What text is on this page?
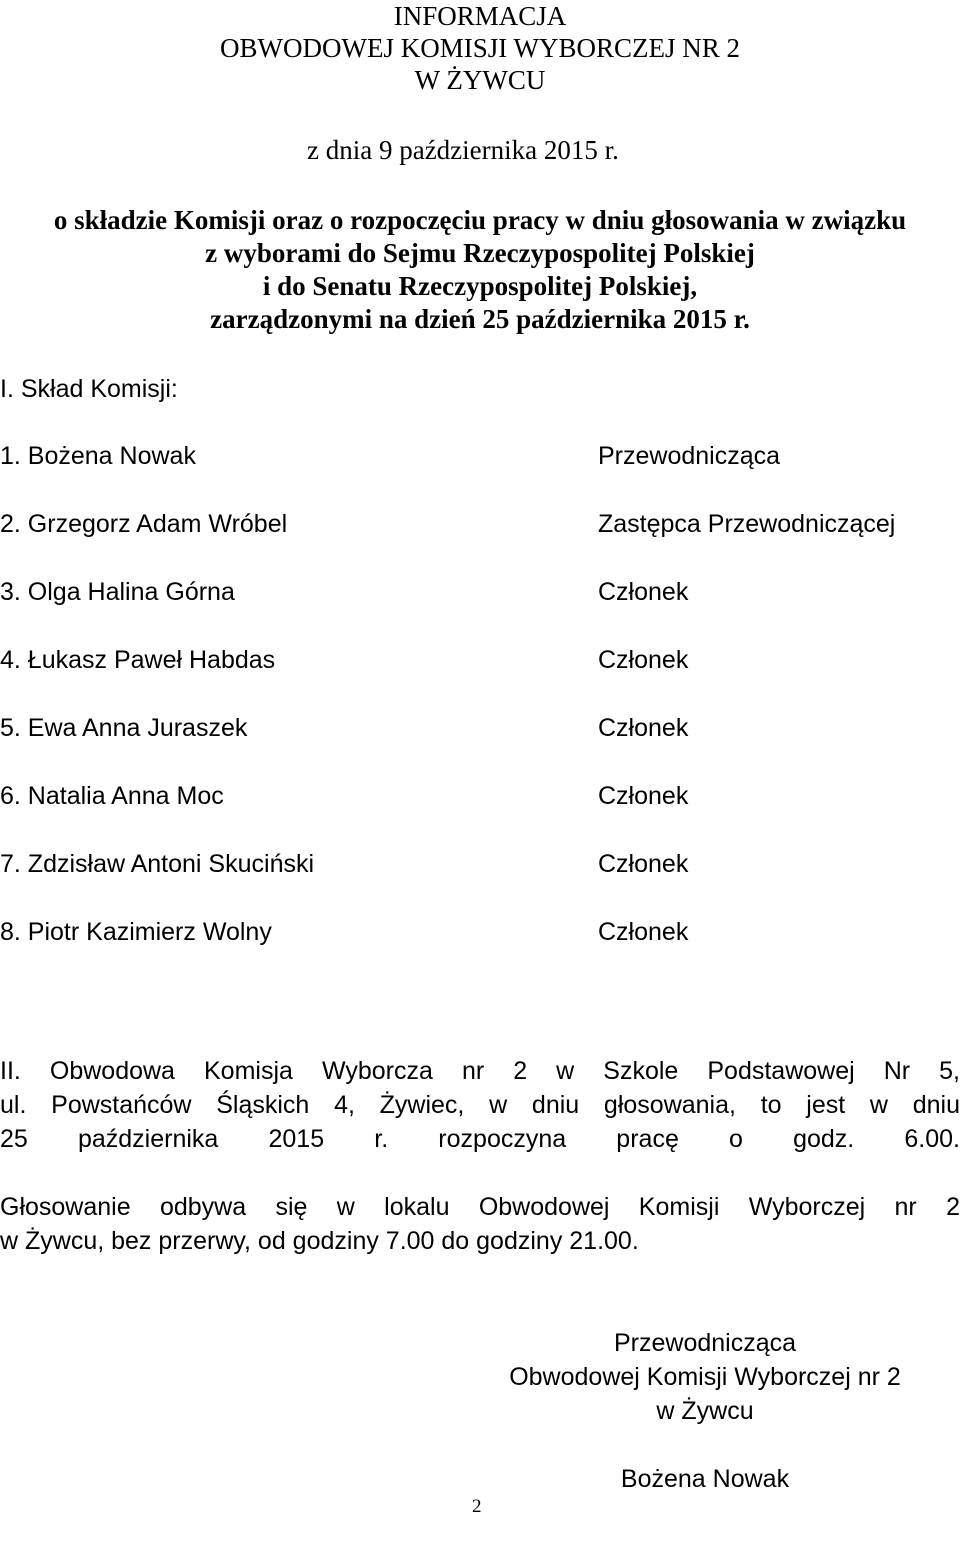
INFORMACJA
OBWODOWEJ KOMISJI WYBORCZEJ NR 2
W ŻYWCU
z dnia 9 października 2015 r.
o składzie Komisji oraz o rozpoczęciu pracy w dniu głosowania w związku
z wyborami do Sejmu Rzeczypospolitej Polskiej
i do Senatu Rzeczypospolitej Polskiej,
zarządzonymi na dzień 25 października 2015 r.
I. Skład Komisji:
1. Bożena Nowak	Przewodnicząca
2. Grzegorz Adam Wróbel	Zastępca Przewodniczącej
3. Olga Halina Górna	Członek
4. Łukasz Paweł Habdas	Członek
5. Ewa Anna Juraszek	Członek
6. Natalia Anna Moc	Członek
7. Zdzisław Antoni Skuciński	Członek
8. Piotr Kazimierz Wolny	Członek
II. Obwodowa Komisja Wyborcza nr 2 w Szkole Podstawowej Nr 5,
ul. Powstańców Śląskich 4, Żywiec, w dniu głosowania, to jest w dniu
25 października 2015 r. rozpoczyna pracę o godz. 6.00.
Głosowanie odbywa się w lokalu Obwodowej Komisji Wyborczej nr 2
w Żywcu, bez przerwy, od godziny 7.00 do godziny 21.00.
Przewodnicząca
Obwodowej Komisji Wyborczej nr 2
w Żywcu
Bożena Nowak
2
